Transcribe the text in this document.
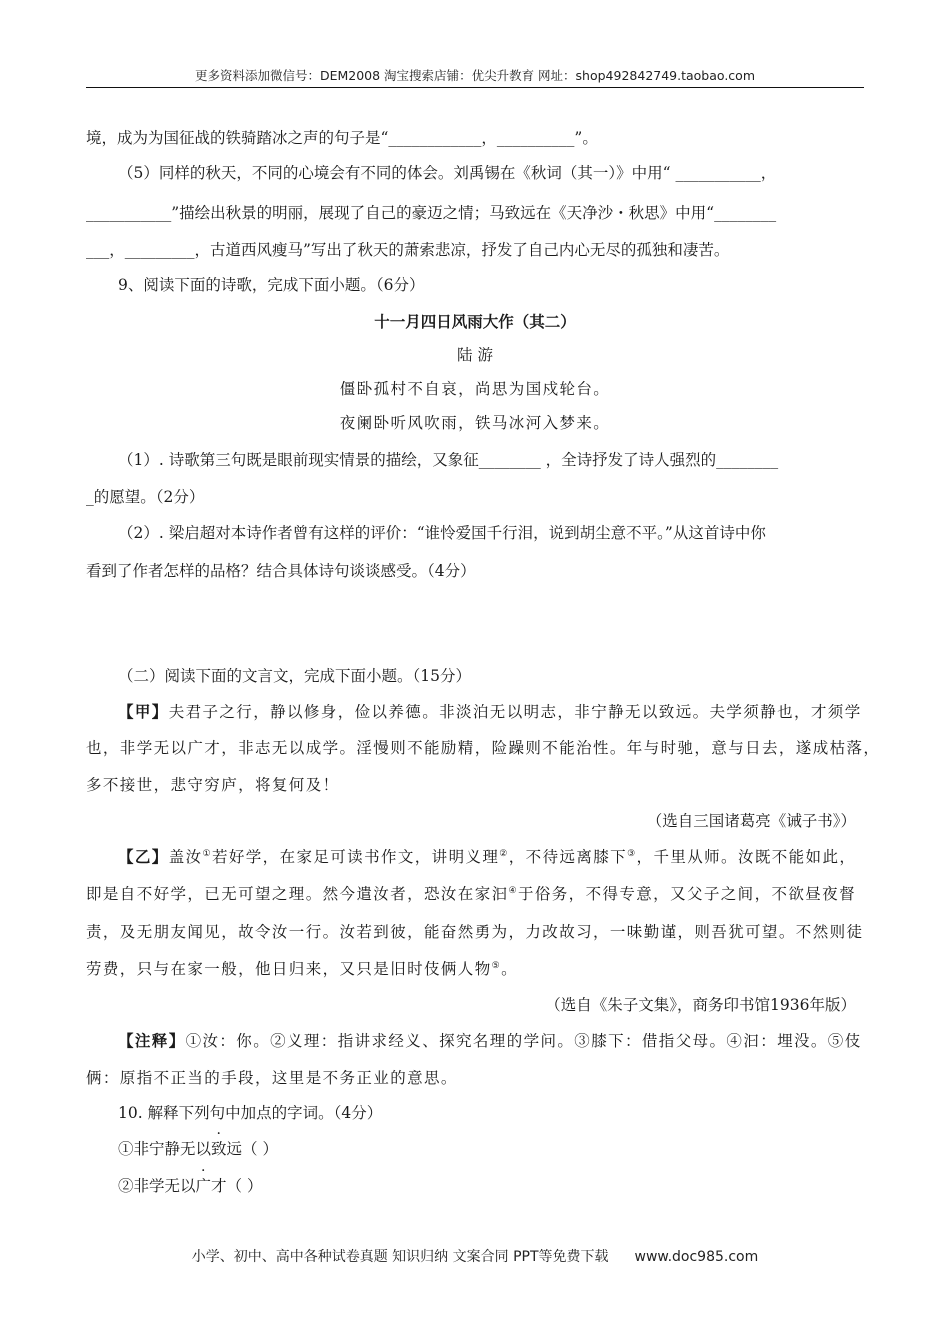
更多资料添加微信号：DEM2008 淘宝搜索店铺：优尖升教育 网址：shop492842749.taobao.com
境，成为为国征战的铁骑踏冰之声的句子是“____________，__________”。
（5）同样的秋天，不同的心境会有不同的体会。刘禹锡在《秋词（其一）》中用“ ___________，
___________”描绘出秋景的明丽，展现了自己的豪迈之情；马致远在《天净沙・秋思》中用“________
___，_________，古道西风瘦马”写出了秋天的萧索悲凉，抒发了自己内心无尽的孤独和凄苦。
9、阅读下面的诗歌，完成下面小题。（6分）
十一月四日风雨大作（其二）
陆 游
僵卧孤村不自哀，尚思为国戍轮台。
夜阑卧听风吹雨，铁马冰河入梦来。
（1）. 诗歌第三句既是眼前现实情景的描绘，又象征________ ，全诗抒发了诗人强烈的________
_的愿望。（2分）
（2）. 梁启超对本诗作者曾有这样的评价：“谁怜爱国千行泪，说到胡尘意不平。”从这首诗中你
看到了作者怎样的品格？结合具体诗句谈谈感受。（4分）
（二）阅读下面的文言文，完成下面小题。（15分）
【甲】夫君子之行，静以修身，俭以养德。非淡泊无以明志，非宁静无以致远。夫学须静也，才须学
也，非学无以广才，非志无以成学。淫慢则不能励精，险躁则不能治性。年与时驰，意与日去，遂成枯落，
多不接世，悲守穷庐，将复何及！
（选自三国诸葛亮《诫子书》）
【乙】盖汝①若好学，在家足可读书作文，讲明义理②，不待远离膝下③，千里从师。汝既不能如此，
即是自不好学，已无可望之理。然今遣汝者，恐汝在家汩④于俗务，不得专意，又父子之间，不欲昼夜督
责，及无朋友闻见，故令汝一行。汝若到彼，能奋然勇为，力改故习，一味勤谨，则吾犹可望。不然则徒
劳费，只与在家一般，他日归来，又只是旧时伎俩人物⑤。
（选自《朱子文集》，商务印书馆1936年版）
【注释】①汝：你。②义理：指讲求经义、探究名理的学问。③膝下：借指父母。④汩：埋没。⑤伎
俩：原指不正当的手段，这里是不务正业的意思。
10. 解释下列句中加点的字词。（4分）
①非宁静无以致远（ ）
②非学无以广才（ ）
小学、初中、高中各种试卷真题 知识归纳 文案合同 PPT等免费下载 www.doc985.com
